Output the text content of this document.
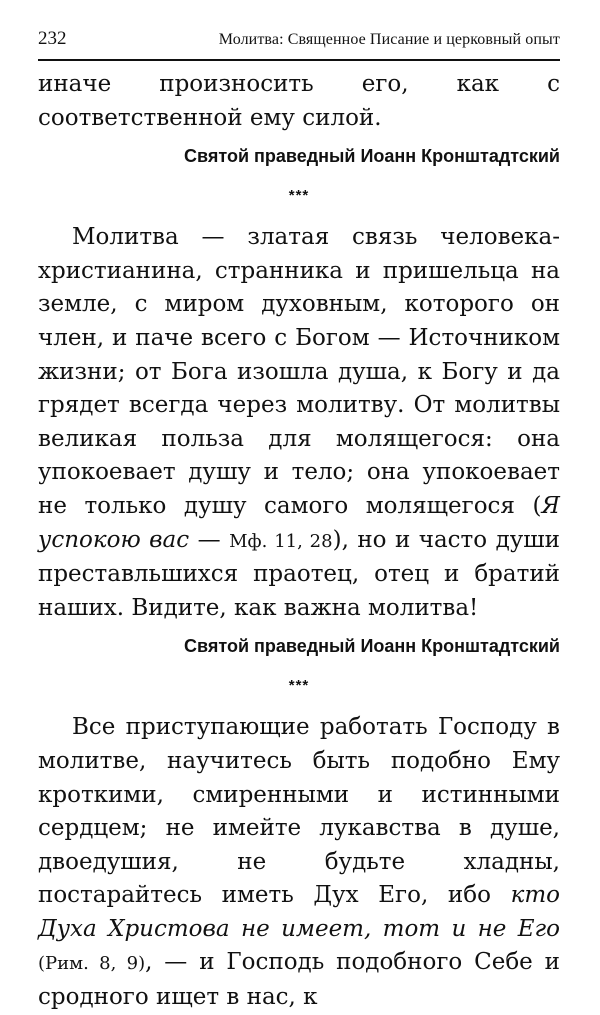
232	Молитва: Священное Писание и церковный опыт

иначе произносить его, как с соответственной ему силой.

Святой праведный Иоанн Кронштадтский
***

Молитва — златая связь человека-христианина, странника и пришельца на земле, с миром духовным, которого он член, и паче всего с Богом — Источником жизни; от Бога изошла душа, к Богу и да грядет всегда через молитву. От молитвы великая польза для молящегося: она упокоевает душу и тело; она упокоевает не только душу самого молящегося (Я успокою вас — Мф. 11, 28), но и часто души преставльшихся праотец, отец и братий наших. Видите, как важна молитва!

Святой праведный Иоанн Кронштадтский
***

Все приступающие работать Господу в молитве, научитесь быть подобно Ему кроткими, смиренными и истинными сердцем; не имейте лукавства в душе, двоедушия, не будьте хладны, постарайтесь иметь Дух Его, ибо кто Духа Христова не имеет, тот и не Его (Рим. 8, 9), — и Господь подобного Себе и сродного ищет в нас, к
